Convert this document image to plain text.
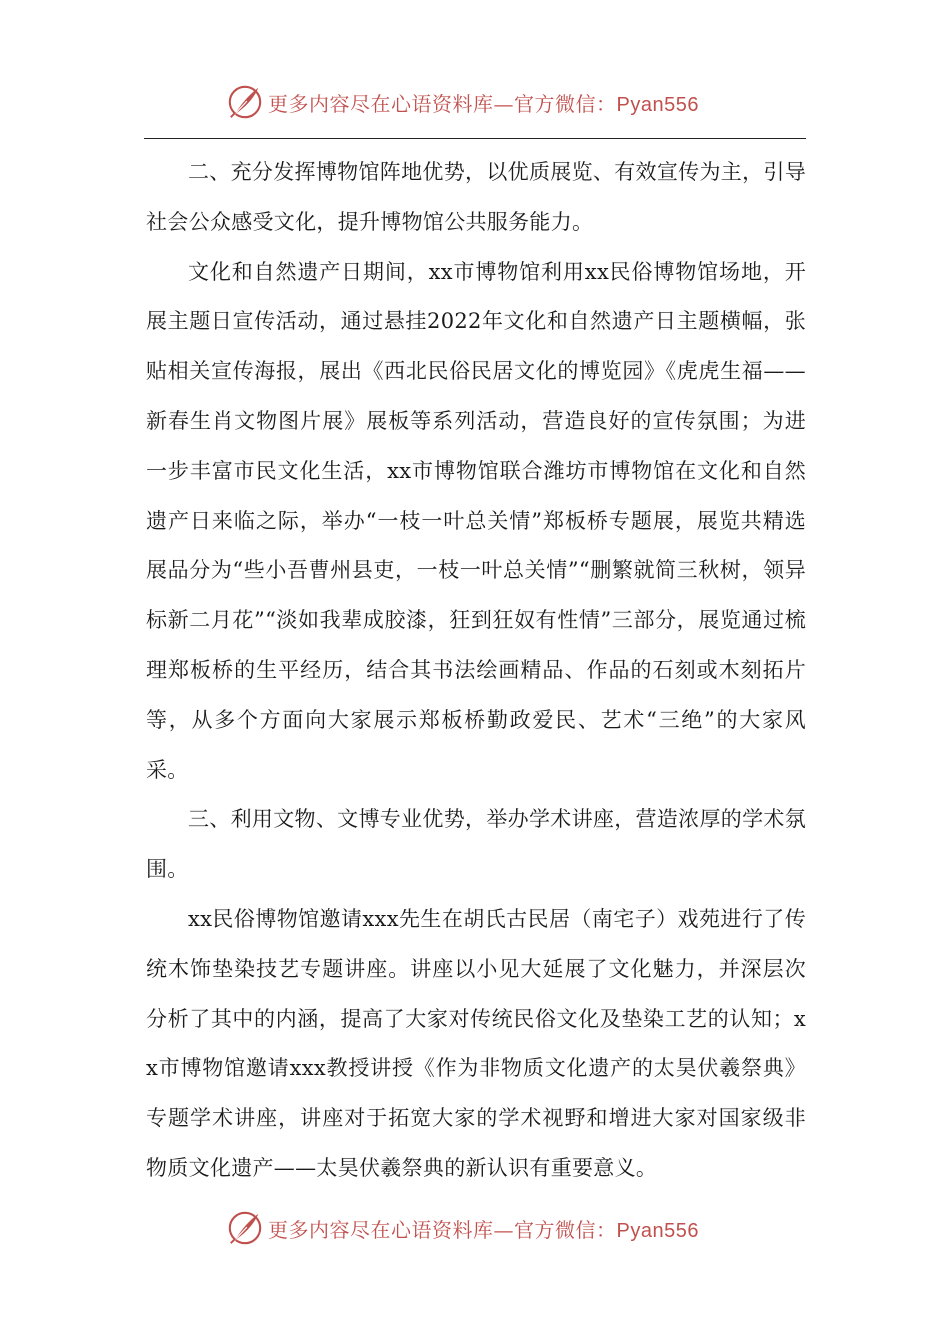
更多内容尽在心语资料库—官方微信：Pyan556

二、充分发挥博物馆阵地优势，以优质展览、有效宣传为主，引导社会公众感受文化，提升博物馆公共服务能力。

文化和自然遗产日期间，xx市博物馆利用xx民俗博物馆场地，开展主题日宣传活动，通过悬挂2022年文化和自然遗产日主题横幅，张贴相关宣传海报，展出《西北民俗民居文化的博览园》《虎虎生福——新春生肖文物图片展》展板等系列活动，营造良好的宣传氛围；为进一步丰富市民文化生活，xx市博物馆联合潍坊市博物馆在文化和自然遗产日来临之际，举办“一枝一叶总关情”郑板桥专题展，展览共精选展品分为“些小吾曹州县吏，一枝一叶总关情”“删繁就简三秋树，领异标新二月花”“淡如我辈成胶漆，狂到狂奴有性情”三部分，展览通过梳理郑板桥的生平经历，结合其书法绘画精品、作品的石刻或木刻拓片等，从多个方面向大家展示郑板桥勤政爱民、艺术“三绝”的大家风采。

三、利用文物、文博专业优势，举办学术讲座，营造浓厚的学术氛围。

xx民俗博物馆邀请xxx先生在胡氏古民居（南宅子）戏苑进行了传统木饰垫染技艺专题讲座。讲座以小见大延展了文化魅力，并深层次分析了其中的内涵，提高了大家对传统民俗文化及垫染工艺的认知；xx市博物馆邀请xxx教授讲授《作为非物质文化遗产的太昊伏羲祭典》专题学术讲座，讲座对于拓宽大家的学术视野和增进大家对国家级非物质文化遗产——太昊伏羲祭典的新认识有重要意义。

更多内容尽在心语资料库—官方微信：Pyan556
